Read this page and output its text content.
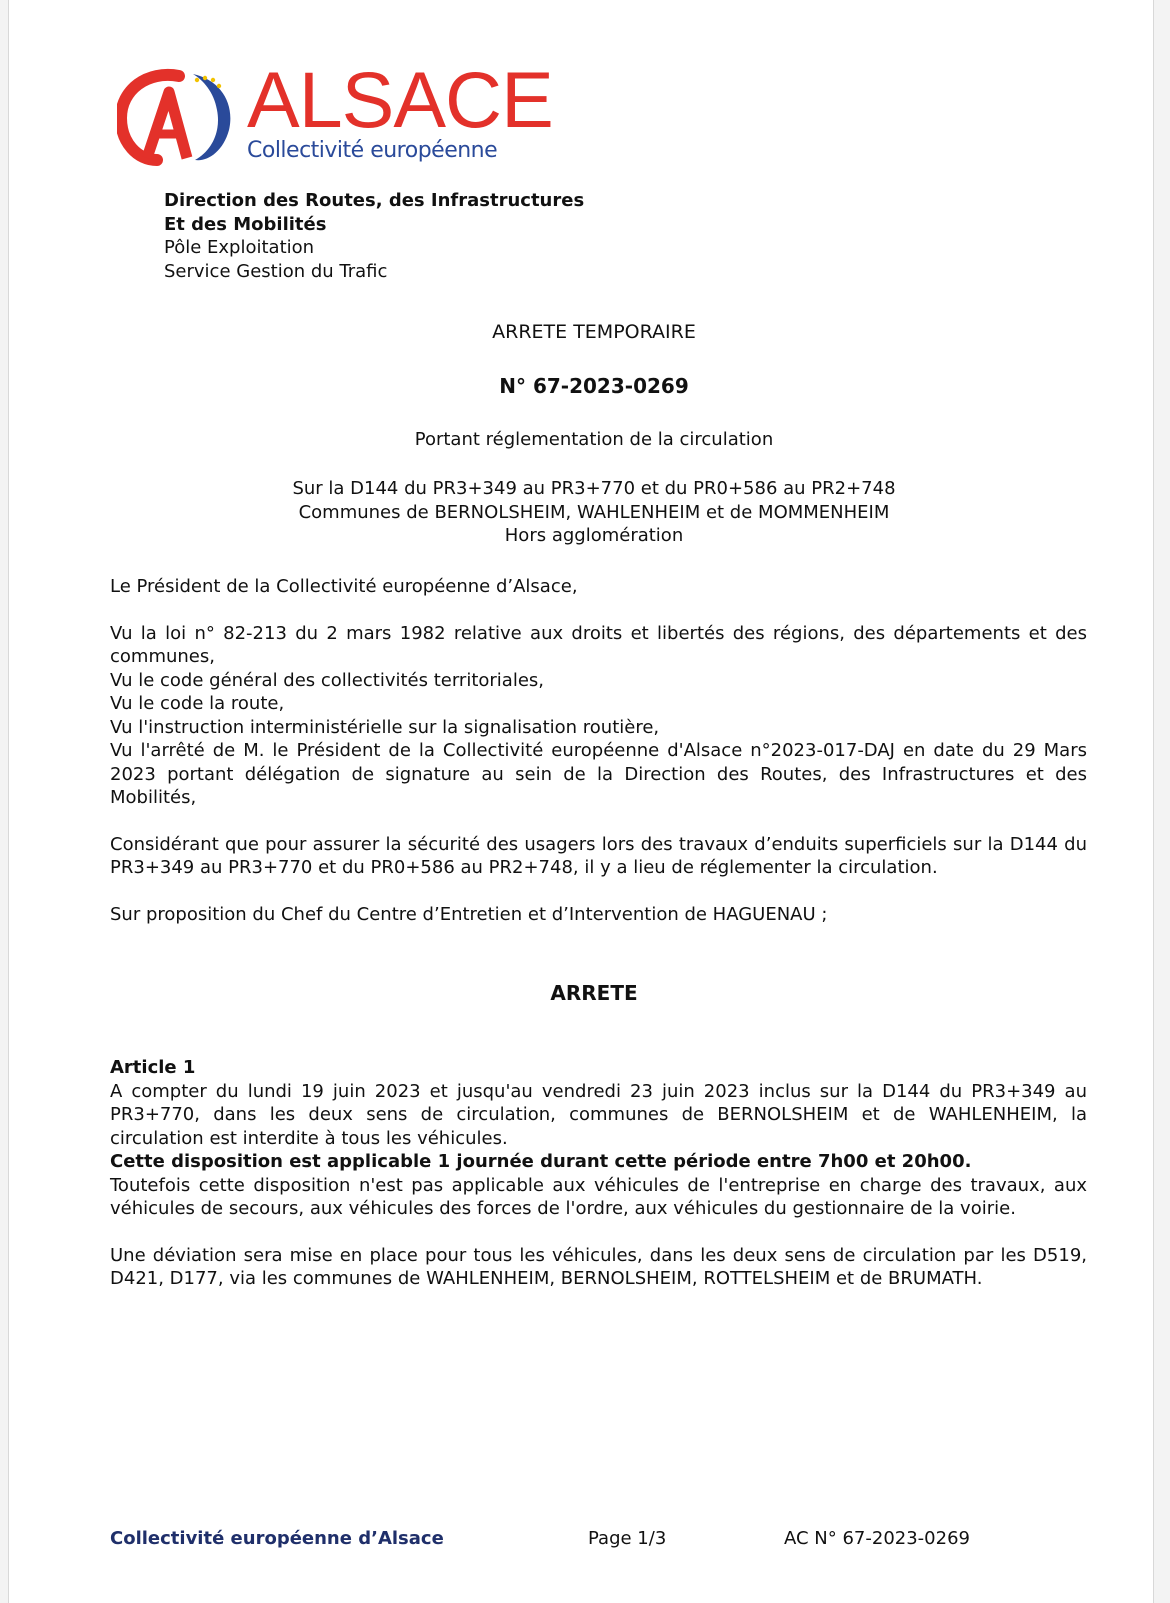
ALSACE
Collectivité européenne
Direction des Routes, des Infrastructures
Et des Mobilités
Pôle Exploitation
Service Gestion du Trafic
ARRETE TEMPORAIRE
N° 67-2023-0269
Portant réglementation de la circulation
Sur la D144 du PR3+349 au PR3+770 et du PR0+586 au PR2+748
Communes de BERNOLSHEIM, WAHLENHEIM et de MOMMENHEIM
Hors agglomération

Le Président de la Collectivité européenne d’Alsace,

Vu la loi n° 82-213 du 2 mars 1982 relative aux droits et libertés des régions, des départements et des communes,

Vu le code général des collectivités territoriales,

Vu le code la route,

Vu l'instruction interministérielle sur la signalisation routière,

Vu l'arrêté de M. le Président de la Collectivité européenne d'Alsace n°2023-017-DAJ en date du 29 Mars 2023 portant délégation de signature au sein de la Direction des Routes, des Infrastructures et des Mobilités,

Considérant que pour assurer la sécurité des usagers lors des travaux d’enduits superficiels sur la D144 du PR3+349 au PR3+770 et du PR0+586 au PR2+748, il y a lieu de réglementer la circulation.

Sur proposition du Chef du Centre d’Entretien et d’Intervention de HAGUENAU ;

ARRETE

Article 1

A compter du lundi 19 juin 2023 et jusqu'au vendredi 23 juin 2023 inclus sur la D144 du PR3+349 au PR3+770, dans les deux sens de circulation, communes de BERNOLSHEIM et de WAHLENHEIM, la circulation est interdite à tous les véhicules.

Cette disposition est applicable 1 journée durant cette période entre 7h00 et 20h00.

Toutefois cette disposition n'est pas applicable aux véhicules de l'entreprise en charge des travaux, aux véhicules de secours, aux véhicules des forces de l'ordre, aux véhicules du gestionnaire de la voirie.

Une déviation sera mise en place pour tous les véhicules, dans les deux sens de circulation par les D519, D421, D177, via les communes de WAHLENHEIM, BERNOLSHEIM, ROTTELSHEIM et de BRUMATH.

Collectivité européenne d’Alsace	Page 1/3	AC N° 67-2023-0269
